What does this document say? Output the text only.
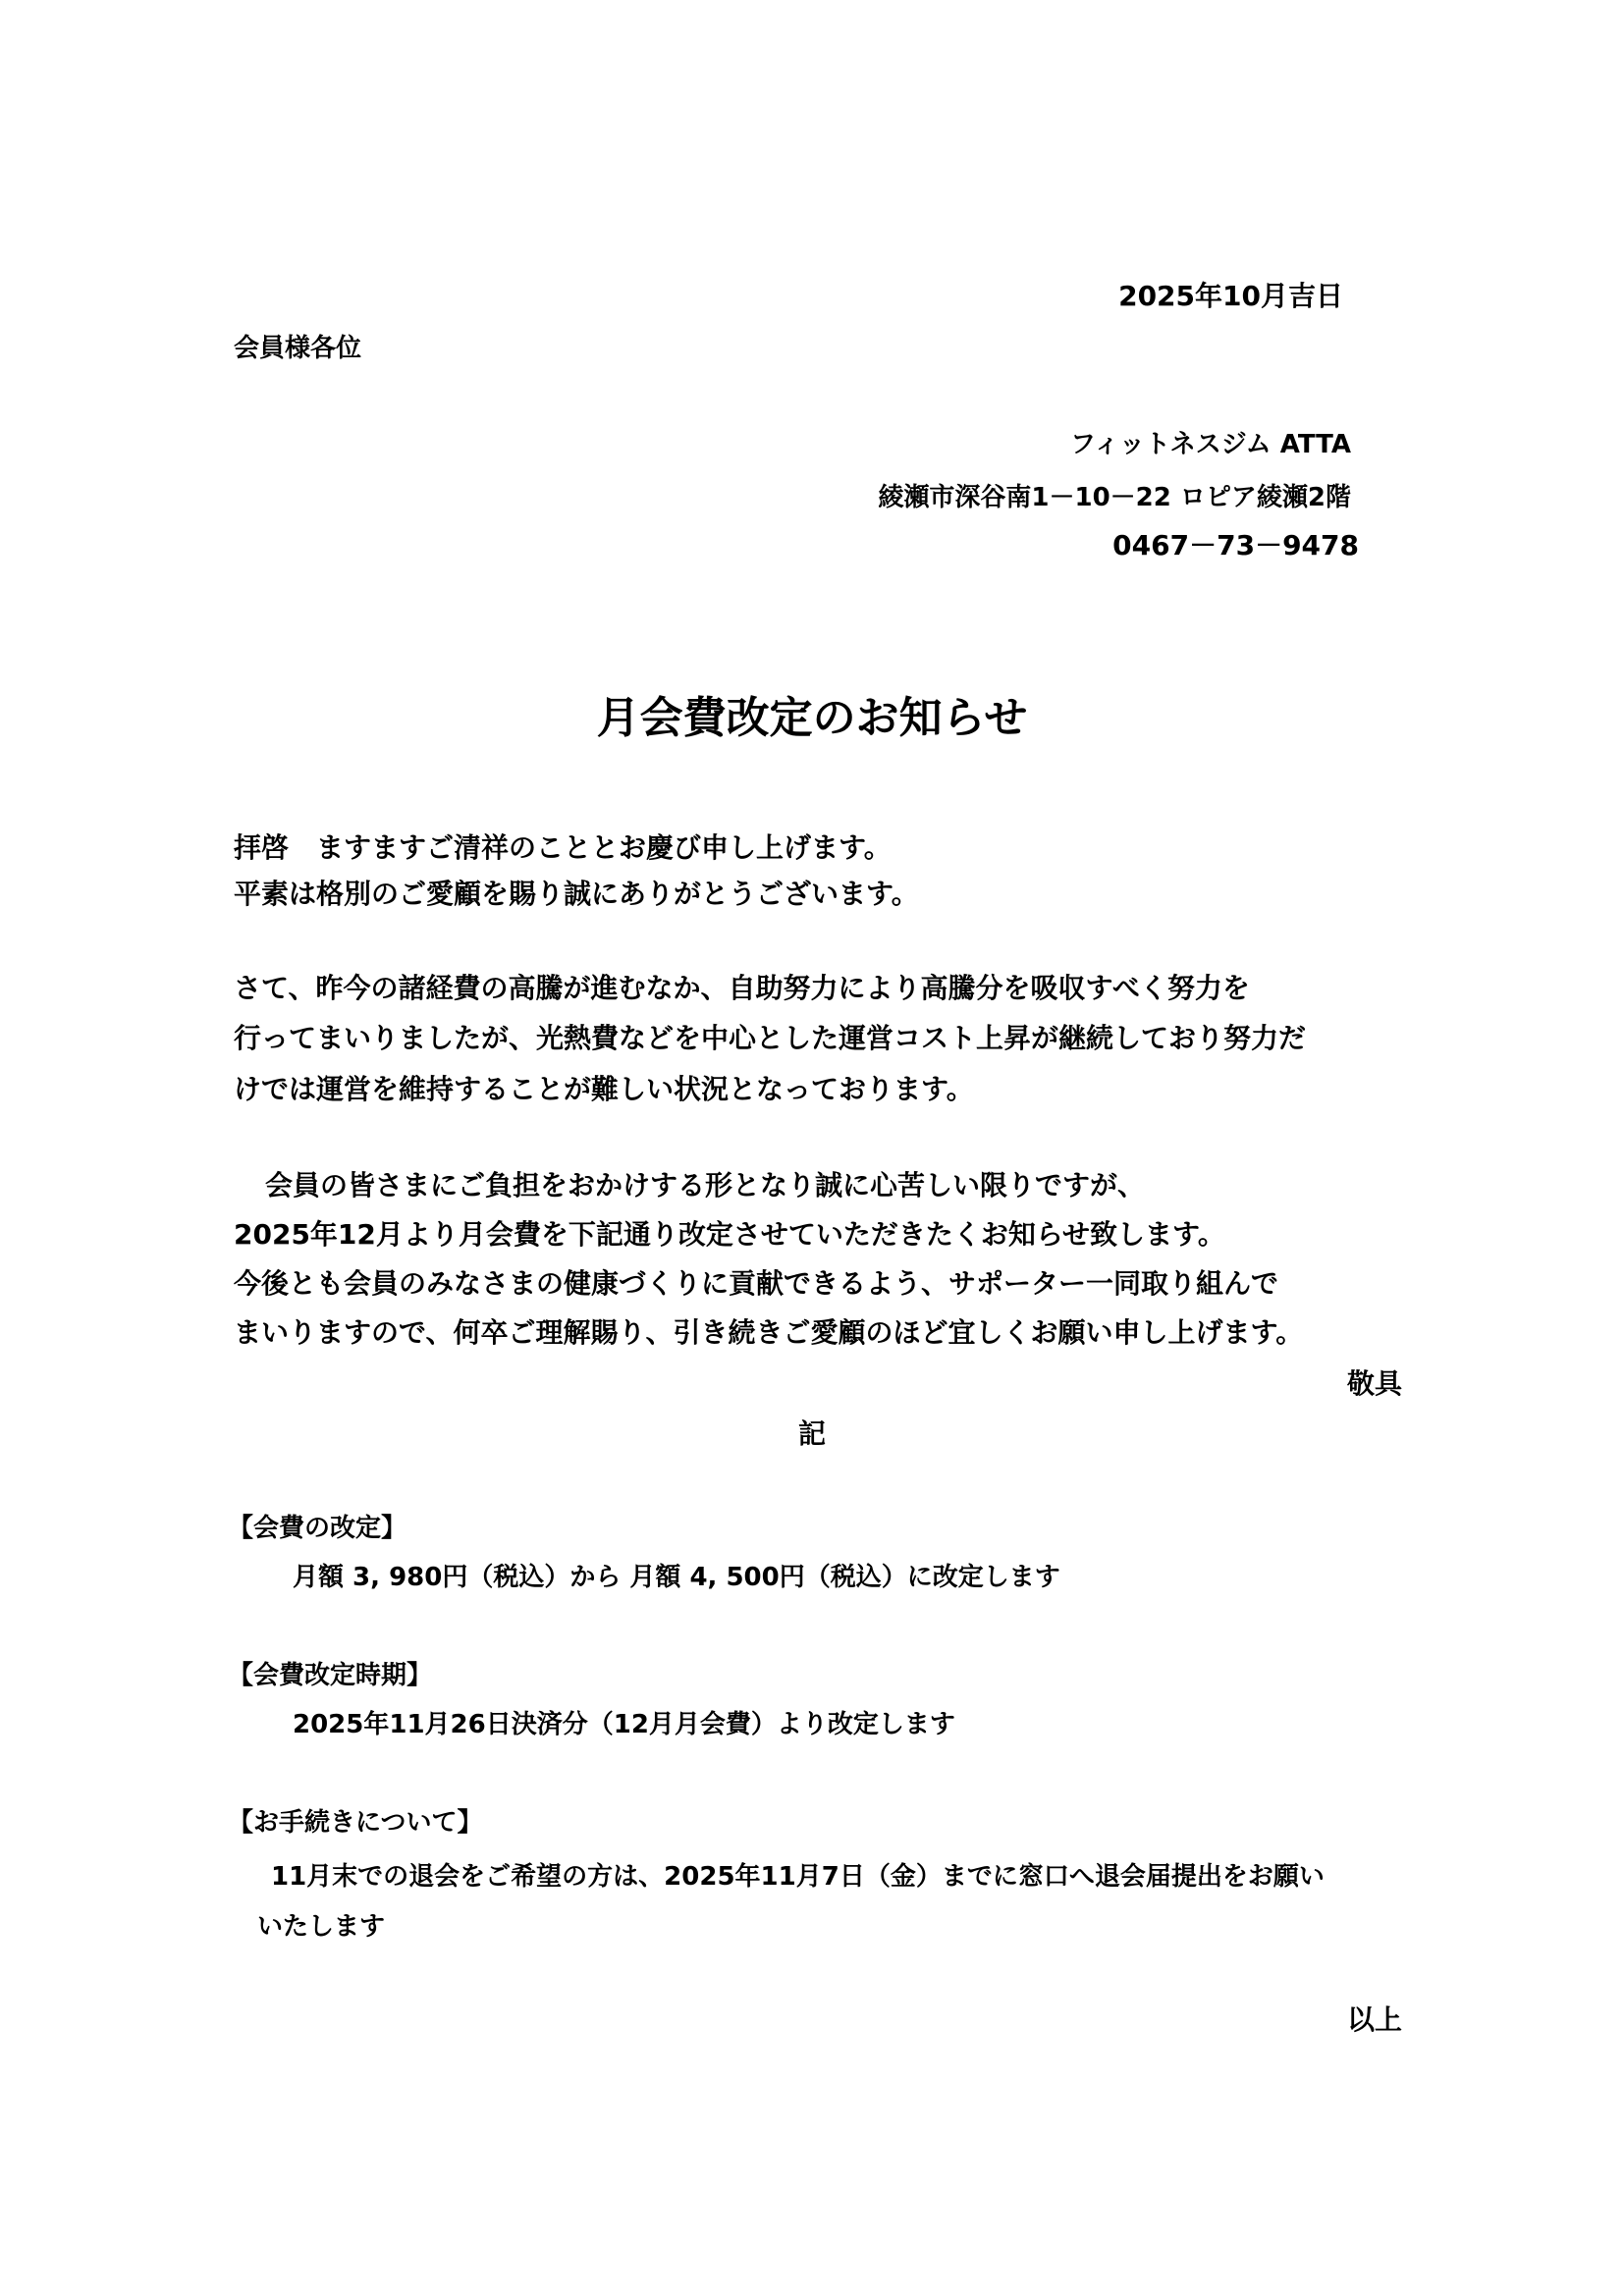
2025年10月吉日
会員様各位
フィットネスジム ATTA
綾瀬市深谷南1－10－22 ロピア綾瀬2階
0467－73－9478
月会費改定のお知らせ
拝啓　ますますご清祥のこととお慶び申し上げます。
平素は格別のご愛顧を賜り誠にありがとうございます。
さて、昨今の諸経費の高騰が進むなか、自助努力により高騰分を吸収すべく努力を
行ってまいりましたが、光熱費などを中心とした運営コスト上昇が継続しており努力だ
けでは運営を維持することが難しい状況となっております。
会員の皆さまにご負担をおかけする形となり誠に心苦しい限りですが、
2025年12月より月会費を下記通り改定させていただきたくお知らせ致します。
今後とも会員のみなさまの健康づくりに貢献できるよう、サポーター一同取り組んで
まいりますので、何卒ご理解賜り、引き続きご愛顧のほど宜しくお願い申し上げます。
敬具
記
【会費の改定】
月額 3, 980円（税込）から 月額 4, 500円（税込）に改定します
【会費改定時期】
2025年11月26日決済分（12月月会費）より改定します
【お手続きについて】
11月末での退会をご希望の方は、2025年11月7日（金）までに窓口へ退会届提出をお願い
いたします
以上
